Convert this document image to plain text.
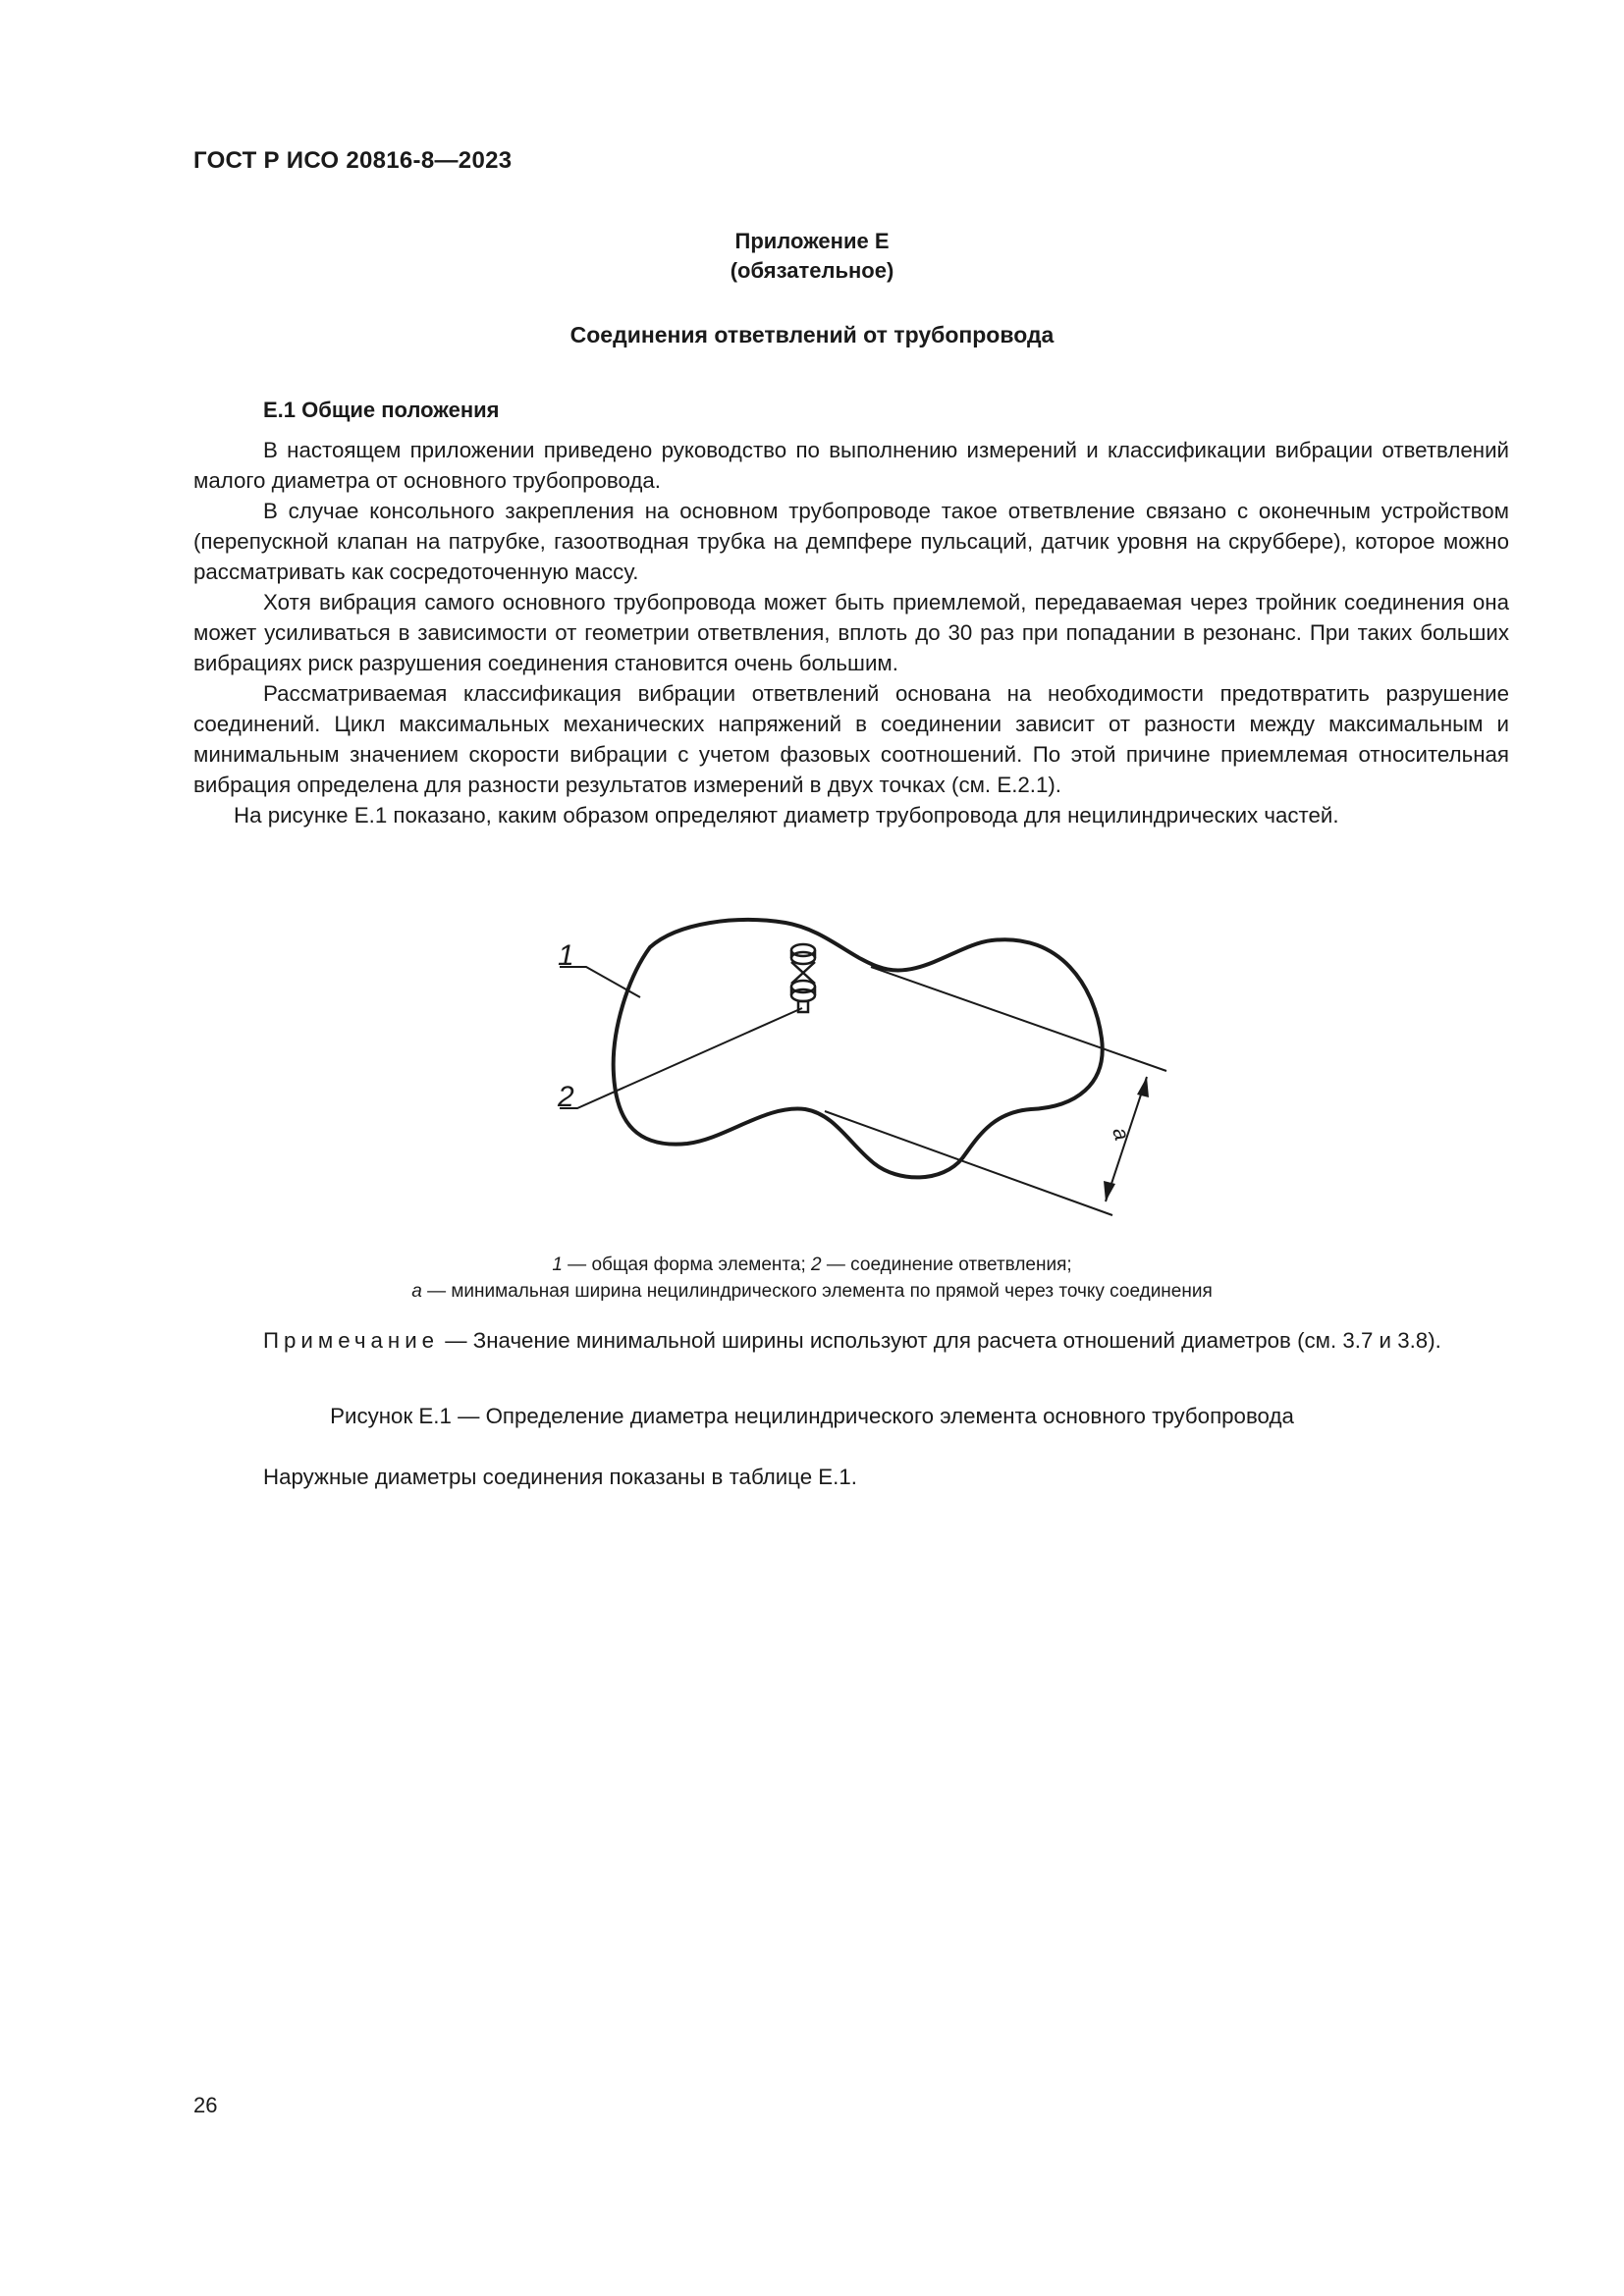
ГОСТ Р ИСО 20816-8—2023
Приложение E
(обязательное)
Соединения ответвлений от трубопровода
E.1 Общие положения

В настоящем приложении приведено руководство по выполнению измерений и классификации вибрации ответвлений малого диаметра от основного трубопровода.

В случае консольного закрепления на основном трубопроводе такое ответвление связано с оконечным устройством (перепускной клапан на патрубке, газоотводная трубка на демпфере пульсаций, датчик уровня на скруббере), которое можно рассматривать как сосредоточенную массу.

Хотя вибрация самого основного трубопровода может быть приемлемой, передаваемая через тройник соединения она может усиливаться в зависимости от геометрии ответвления, вплоть до 30 раз при попадании в резонанс. При таких больших вибрациях риск разрушения соединения становится очень большим.

Рассматриваемая классификация вибрации ответвлений основана на необходимости предотвратить разрушение соединений. Цикл максимальных механических напряжений в соединении зависит от разности между максимальным и минимальным значением скорости вибрации с учетом фазовых соотношений. По этой причине приемлемая относительная вибрация определена для разности результатов измерений в двух точках (см. E.2.1).

На рисунке E.1 показано, каким образом определяют диаметр трубопровода для нецилиндрических частей.

1
2
a
1 — общая форма элемента; 2 — соединение ответвления;
a — минимальная ширина нецилиндрического элемента по прямой через точку соединения
Примечание — Значение минимальной ширины используют для расчета отношений диаметров (см. 3.7 и 3.8).
Рисунок E.1 — Определение диаметра нецилиндрического элемента основного трубопровода
Наружные диаметры соединения показаны в таблице E.1.
26
